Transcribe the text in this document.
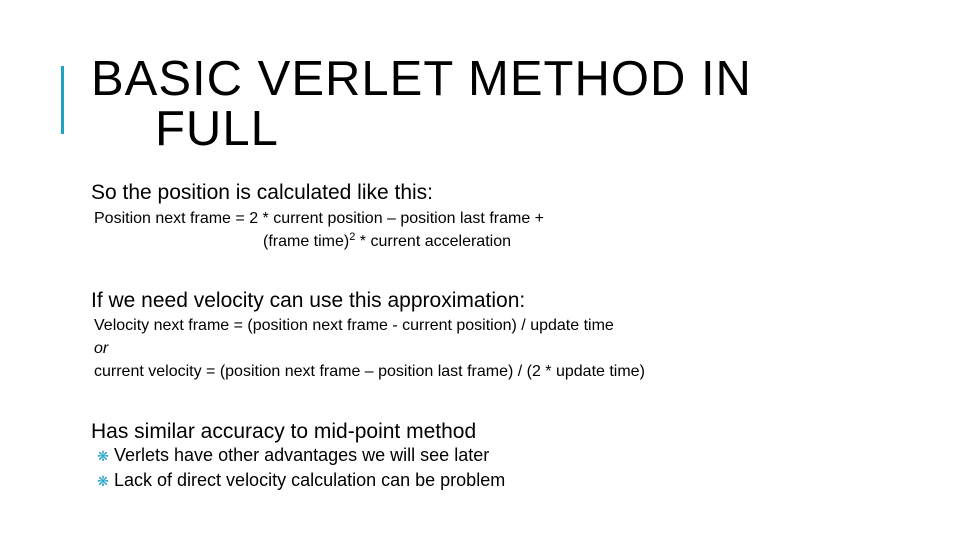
BASIC VERLET METHOD IN
FULL
So the position is calculated like this:
Position next frame = 2 * current position – position last frame +
(frame time)$^2$ * current acceleration
If we need velocity can use this approximation:
Velocity next frame = (position next frame - current position) / update time
or
current velocity = (position next frame – position last frame) / (2 * update time)
Has similar accuracy to mid-point method
❋ Verlets have other advantages we will see later
❋ Lack of direct velocity calculation can be problem
